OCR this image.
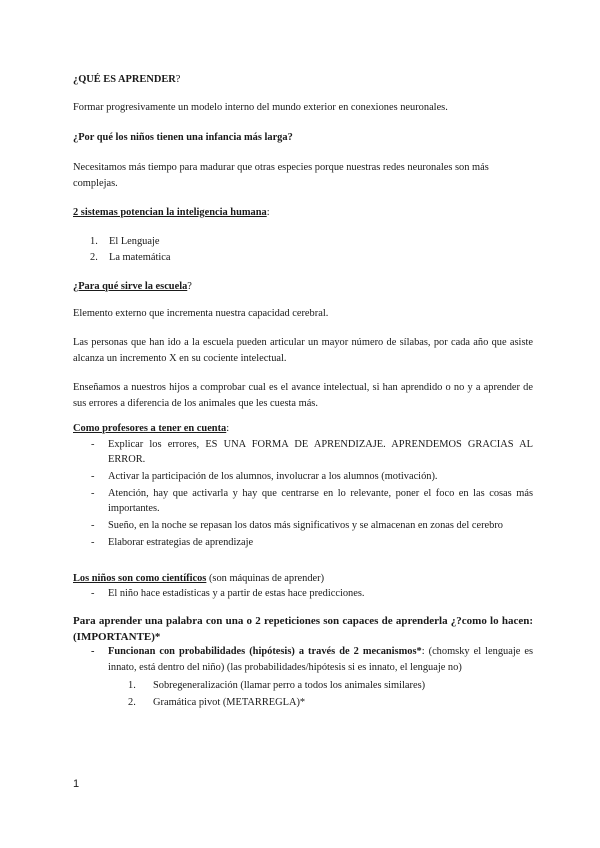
¿QUÉ ES APRENDER?
Formar progresivamente un modelo interno del mundo exterior en conexiones neuronales.
¿Por qué los niños tienen una infancia más larga?
Necesitamos más tiempo para madurar que otras especies porque nuestras redes neuronales son más complejas.
2 sistemas potencian la inteligencia humana:
1. El Lenguaje
2. La matemática
¿Para qué sirve la escuela?
Elemento externo que incrementa nuestra capacidad cerebral.
Las personas que han ido a la escuela pueden articular un mayor número de sílabas, por cada año que asiste alcanza un incremento X en su cociente intelectual.
Enseñamos a nuestros hijos a comprobar cual es el avance intelectual, si han aprendido o no y a aprender de sus errores a diferencia de los animales que les cuesta más.
Como profesores a tener en cuenta:
- Explicar los errores, ES UNA FORMA DE APRENDIZAJE. APRENDEMOS GRACIAS AL ERROR.
- Activar la participación de los alumnos, involucrar a los alumnos (motivación).
- Atención, hay que activarla y hay que centrarse en lo relevante, poner el foco en las cosas más importantes.
- Sueño, en la noche se repasan los datos más significativos y se almacenan en zonas del cerebro
- Elaborar estrategias de aprendizaje
Los niños son como científicos (son máquinas de aprender)
- El niño hace estadísticas y a partir de estas hace predicciones.
Para aprender una palabra con una o 2 repeticiones son capaces de aprenderla ¿?como lo hacen: (IMPORTANTE)*
- Funcionan con probabilidades (hipótesis) a través de 2 mecanismos*: (chomsky el lenguaje es innato, está dentro del niño) (las probabilidades/hipótesis si es innato, el lenguaje no)
1. Sobregeneralización (llamar perro a todos los animales similares)
2. Gramática pivot (METARREGLA)*
1
